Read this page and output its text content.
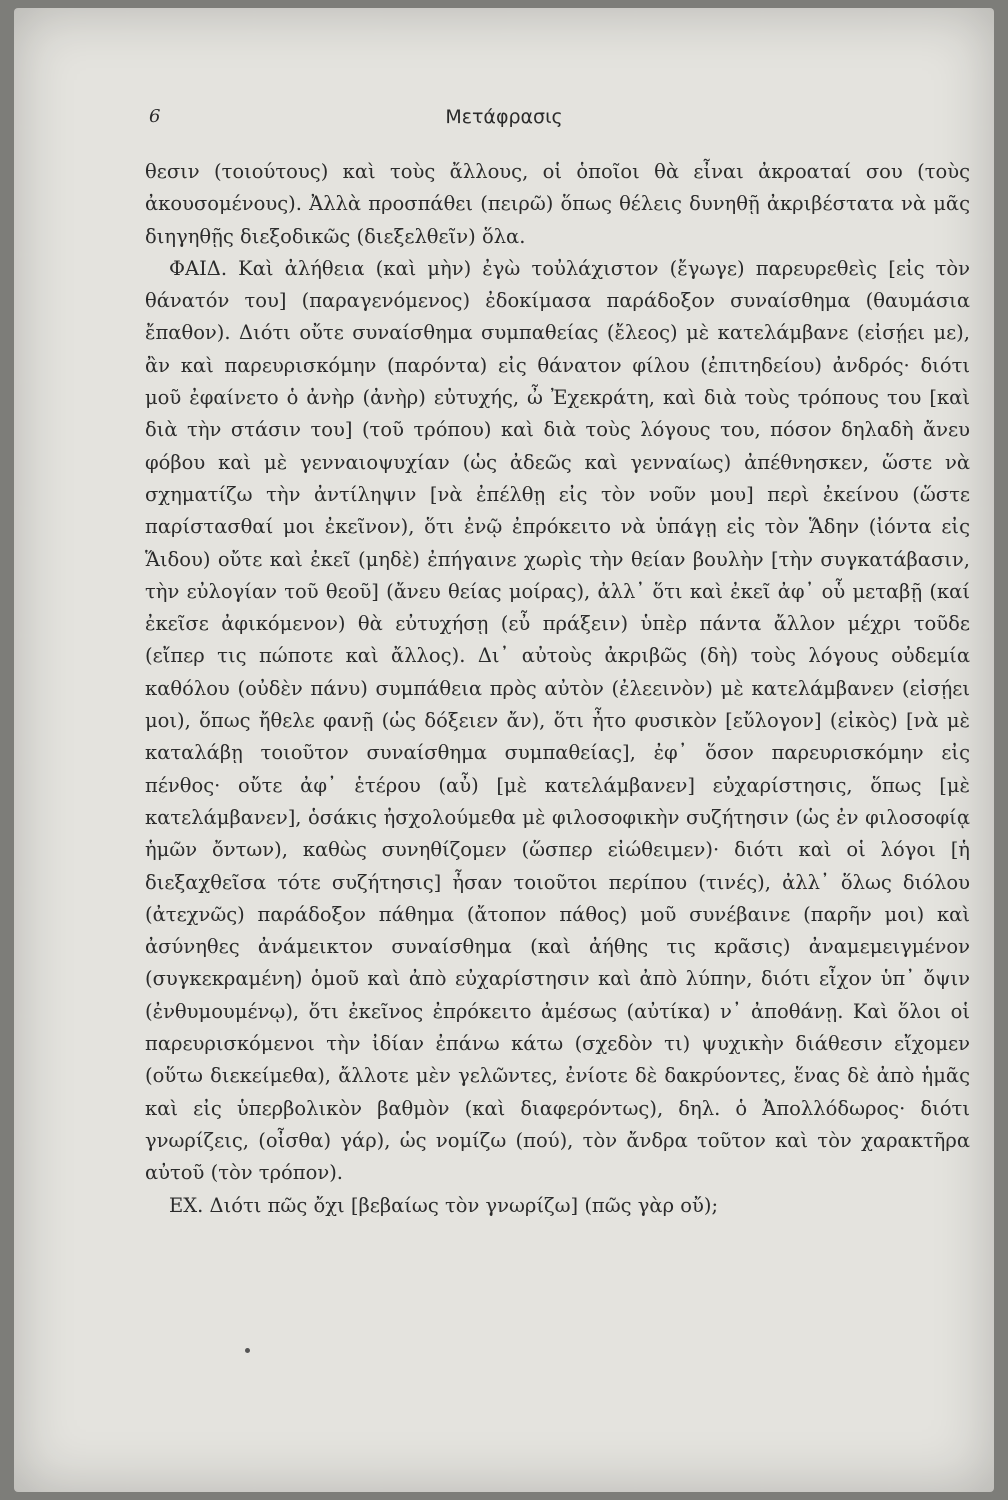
6	Μετάφρασις

θεσιν (τοιούτους) καὶ τοὺς ἄλλους, οἱ ὁποῖοι θὰ εἶναι ἀκροαταί σου (τοὺς ἀκουσομένους). Ἀλλὰ προσπάθει (πειρῶ) ὅπως θέλεις δυνηθῇ ἀκριβέστατα νὰ μᾶς διηγηθῇς διεξοδικῶς (διεξελθεῖν) ὅλα.

ΦΑΙΔ. Καὶ ἀλήθεια (καὶ μὴν) ἐγὼ τοὐλάχιστον (ἔγωγε) παρευρεθεὶς [εἰς τὸν θάνατόν του] (παραγενόμενος) ἐδοκίμασα παράδοξον συναίσθημα (θαυμάσια ἔπαθον). Διότι οὔτε συναίσθημα συμπαθείας (ἔλεος) μὲ κατελάμβανε (εἰσῄει με), ἂν καὶ παρευρισκόμην (παρόντα) εἰς θάνατον φίλου (ἐπιτηδείου) ἀνδρός· διότι μοῦ ἐφαίνετο ὁ ἀνὴρ (ἀνὴρ) εὐτυχής, ὦ Ἐχεκράτη, καὶ διὰ τοὺς τρόπους του [καὶ διὰ τὴν στάσιν του] (τοῦ τρόπου) καὶ διὰ τοὺς λόγους του, πόσον δηλαδὴ ἄνευ φόβου καὶ μὲ γενναιοψυχίαν (ὡς ἀδεῶς καὶ γενναίως) ἀπέθνησκεν, ὥστε νὰ σχηματίζω τὴν ἀντίληψιν [νὰ ἐπέλθῃ εἰς τὸν νοῦν μου] περὶ ἐκείνου (ὥστε παρίστασθαί μοι ἐκεῖνον), ὅτι ἐνῷ ἐπρόκειτο νὰ ὑπάγῃ εἰς τὸν Ἅδην (ἰόντα εἰς Ἅιδου) οὔτε καὶ ἐκεῖ (μηδὲ) ἐπήγαινε χωρὶς τὴν θείαν βουλὴν [τὴν συγκατάβασιν, τὴν εὐλογίαν τοῦ θεοῦ] (ἄνευ θείας μοίρας), ἀλλ᾽ ὅτι καὶ ἐκεῖ ἀφ᾽ οὗ μεταβῇ (καί ἐκεῖσε ἀφικόμενον) θὰ εὐτυχήσῃ (εὖ πράξειν) ὑπὲρ πάντα ἄλλον μέχρι τοῦδε (εἴπερ τις πώποτε καὶ ἄλλος). Δι᾽ αὐτοὺς ἀκριβῶς (δὴ) τοὺς λόγους οὐδεμία καθόλου (οὐδὲν πάνυ) συμπάθεια πρὸς αὐτὸν (ἐλεεινὸν) μὲ κατελάμβανεν (εἰσῄει μοι), ὅπως ἤθελε φανῇ (ὡς δόξειεν ἄν), ὅτι ἦτο φυσικὸν [εὔλογον] (εἰκὸς) [νὰ μὲ καταλάβῃ τοιοῦτον συναίσθημα συμπαθείας], ἐφ᾽ ὅσον παρευρισκόμην εἰς πένθος· οὔτε ἀφ᾽ ἑτέρου (αὖ) [μὲ κατελάμβανεν] εὐχαρίστησις, ὅπως [μὲ κατελάμβανεν], ὁσάκις ἠσχολούμεθα μὲ φιλοσοφικὴν συζήτησιν (ὡς ἐν φιλοσοφίᾳ ἡμῶν ὄντων), καθὼς συνηθίζομεν (ὥσπερ εἰώθειμεν)· διότι καὶ οἱ λόγοι [ἡ διεξαχθεῖσα τότε συζήτησις] ἦσαν τοιοῦτοι περίπου (τινές), ἀλλ᾽ ὅλως διόλου (ἀτεχνῶς) παράδοξον πάθημα (ἄτοπον πάθος) μοῦ συνέβαινε (παρῆν μοι) καὶ ἀσύνηθες ἀνάμεικτον συναίσθημα (καὶ ἀήθης τις κρᾶσις) ἀναμεμειγμένον (συγκεκραμένη) ὁμοῦ καὶ ἀπὸ εὐχαρίστησιν καὶ ἀπὸ λύπην, διότι εἶχον ὑπ᾽ ὄψιν (ἐνθυμουμένῳ), ὅτι ἐκεῖνος ἐπρόκειτο ἀμέσως (αὐτίκα) ν᾽ ἀποθάνῃ. Καὶ ὅλοι οἱ παρευρισκόμενοι τὴν ἰδίαν ἐπάνω κάτω (σχεδὸν τι) ψυχικὴν διάθεσιν εἴχομεν (οὕτω διεκείμεθα), ἄλλοτε μὲν γελῶντες, ἐνίοτε δὲ δακρύοντες, ἕνας δὲ ἀπὸ ἡμᾶς καὶ εἰς ὑπερβολικὸν βαθμὸν (καὶ διαφερόντως), δηλ. ὁ Ἀπολλόδωρος· διότι γνωρίζεις, (οἶσθα) γάρ), ὡς νομίζω (πού), τὸν ἄνδρα τοῦτον καὶ τὸν χαρακτῆρα αὐτοῦ (τὸν τρόπον).

ΕΧ. Διότι πῶς ὄχι [βεβαίως τὸν γνωρίζω] (πῶς γὰρ οὔ);
